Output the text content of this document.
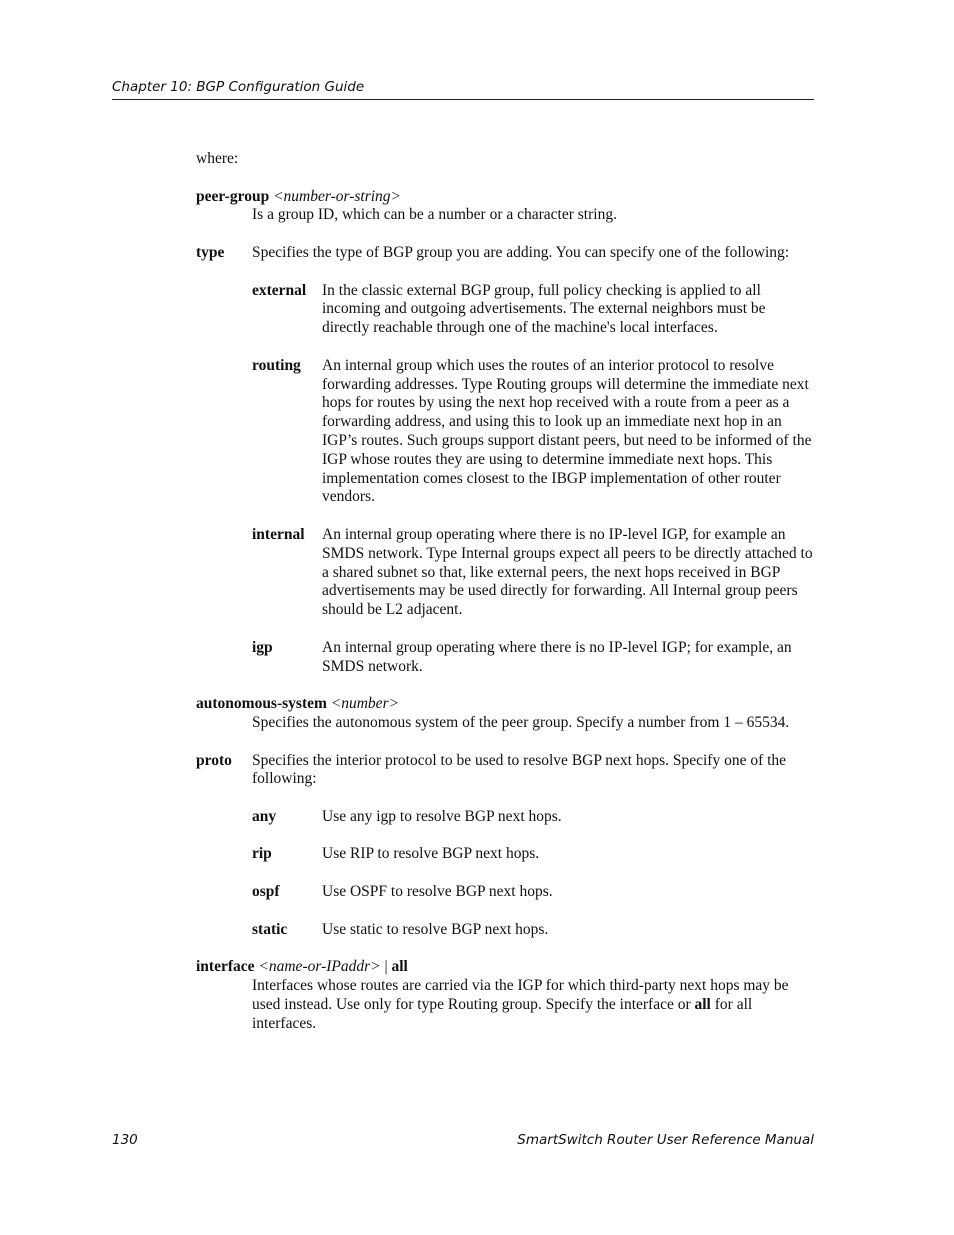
Chapter 10: BGP Configuration Guide

where:

peer-group <number-or-string>

Is a group ID, which can be a number or a character string.

type	Specifies the type of BGP group you are adding. You can specify one of the following:
external	In the classic external BGP group, full policy checking is applied to all incoming and outgoing advertisements. The external neighbors must be directly reachable through one of the machine's local interfaces.
routing	An internal group which uses the routes of an interior protocol to resolve forwarding addresses. Type Routing groups will determine the immediate next hops for routes by using the next hop received with a route from a peer as a forwarding address, and using this to look up an immediate next hop in an IGP’s routes. Such groups support distant peers, but need to be informed of the IGP whose routes they are using to determine immediate next hops. This implementation comes closest to the IBGP implementation of other router vendors.
internal	An internal group operating where there is no IP-level IGP, for example an SMDS network. Type Internal groups expect all peers to be directly attached to a shared subnet so that, like external peers, the next hops received in BGP advertisements may be used directly for forwarding. All Internal group peers should be L2 adjacent.
igp	An internal group operating where there is no IP-level IGP; for example, an SMDS network.

autonomous-system <number>

Specifies the autonomous system of the peer group. Specify a number from 1 – 65534.

proto	Specifies the interior protocol to be used to resolve BGP next hops. Specify one of the following:
any	Use any igp to resolve BGP next hops.
rip	Use RIP to resolve BGP next hops.
ospf	Use OSPF to resolve BGP next hops.
static	Use static to resolve BGP next hops.

interface <name-or-IPaddr> | all

Interfaces whose routes are carried via the IGP for which third-party next hops may be used instead. Use only for type Routing group. Specify the interface or all for all interfaces.

130	SmartSwitch Router User Reference Manual
